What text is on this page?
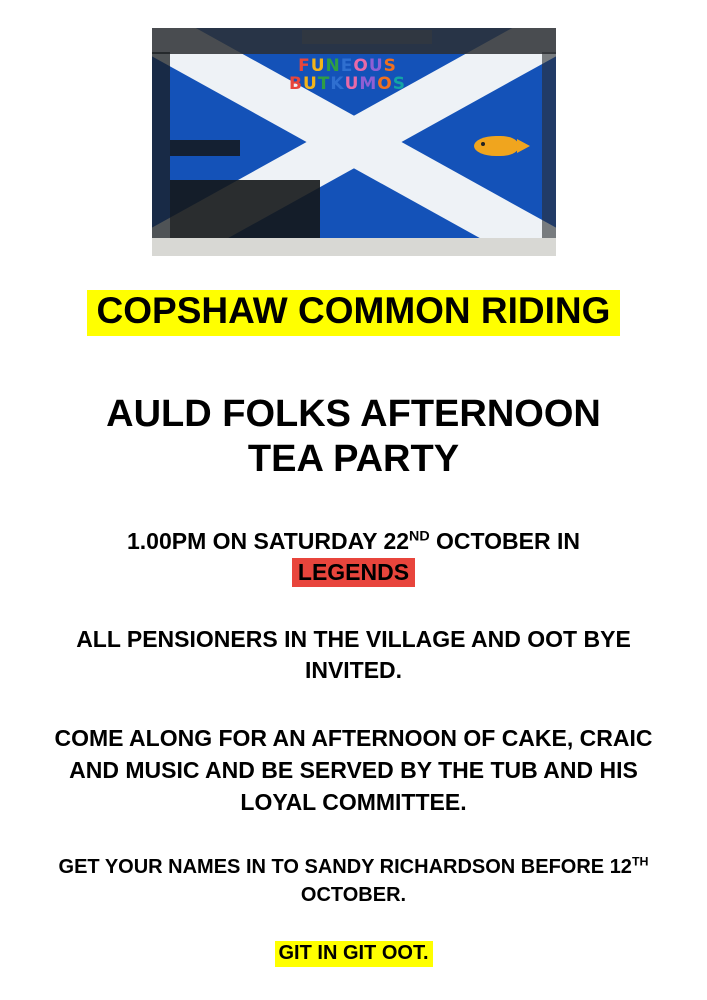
FUNEOUS
BUTKUMOS
COPSHAW COMMON RIDING
AULD FOLKS AFTERNOON
TEA PARTY
1.00PM ON SATURDAY 22ND OCTOBER IN
LEGENDS
ALL PENSIONERS IN THE VILLAGE AND OOT BYE INVITED.
COME ALONG FOR AN AFTERNOON OF CAKE, CRAIC AND MUSIC AND BE SERVED BY THE TUB AND HIS LOYAL COMMITTEE.
GET YOUR NAMES IN TO SANDY RICHARDSON BEFORE 12TH OCTOBER.
GIT IN GIT OOT.
